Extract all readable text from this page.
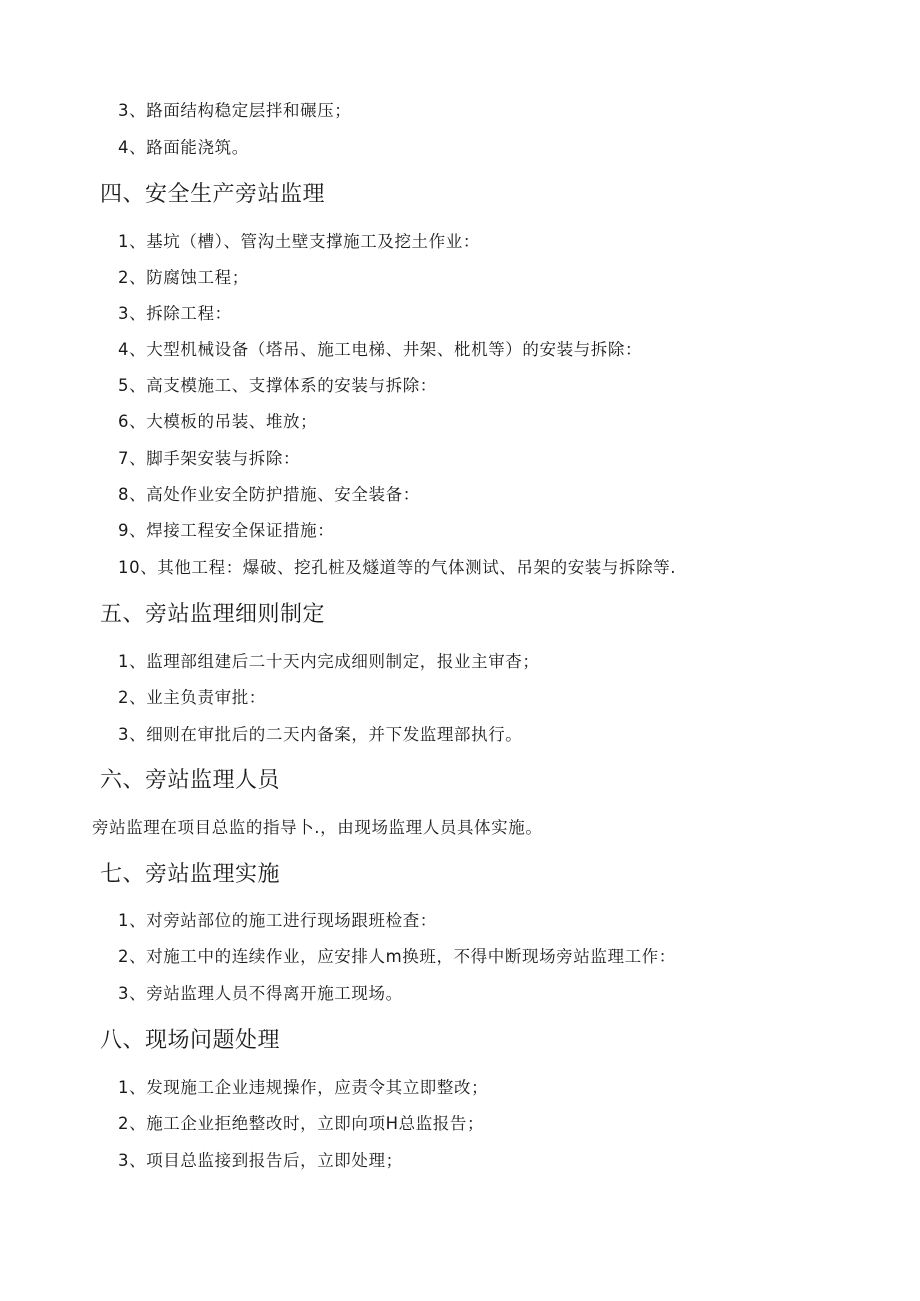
3、路面结构稳定层拌和碾压；
4、路面能浇筑。
四、安全生产旁站监理
1、基坑（槽）、管沟土壁支撑施工及挖土作业：
2、防腐蚀工程；
3、拆除工程：
4、大型机械设备（塔吊、施工电梯、井架、枇机等）的安装与拆除：
5、高支模施工、支撑体系的安装与拆除：
6、大模板的吊装、堆放；
7、脚手架安装与拆除：
8、高处作业安全防护措施、安全装备：
9、焊接工程安全保证措施：
10、其他工程：爆破、挖孔桩及燧道等的气体测试、吊架的安装与拆除等.
五、旁站监理细则制定
1、监理部组建后二十天内完成细则制定，报业主审杳；
2、业主负责审批：
3、细则在审批后的二天内备案，并下发监理部执行。
六、旁站监理人员
旁站监理在项目总监的指导卜.，由现场监理人员具体实施。
七、旁站监理实施
1、对旁站部位的施工进行现场跟班检査：
2、对施工中的连续作业，应安排人m换班，不得中断现场旁站监理工作：
3、旁站监理人员不得离开施工现场。
八、现场问题处理
1、发现施工企业违规操作，应责令其立即整改；
2、施工企业拒绝整改时，立即向项H总监报告；
3、项目总监接到报告后，立即处理；
